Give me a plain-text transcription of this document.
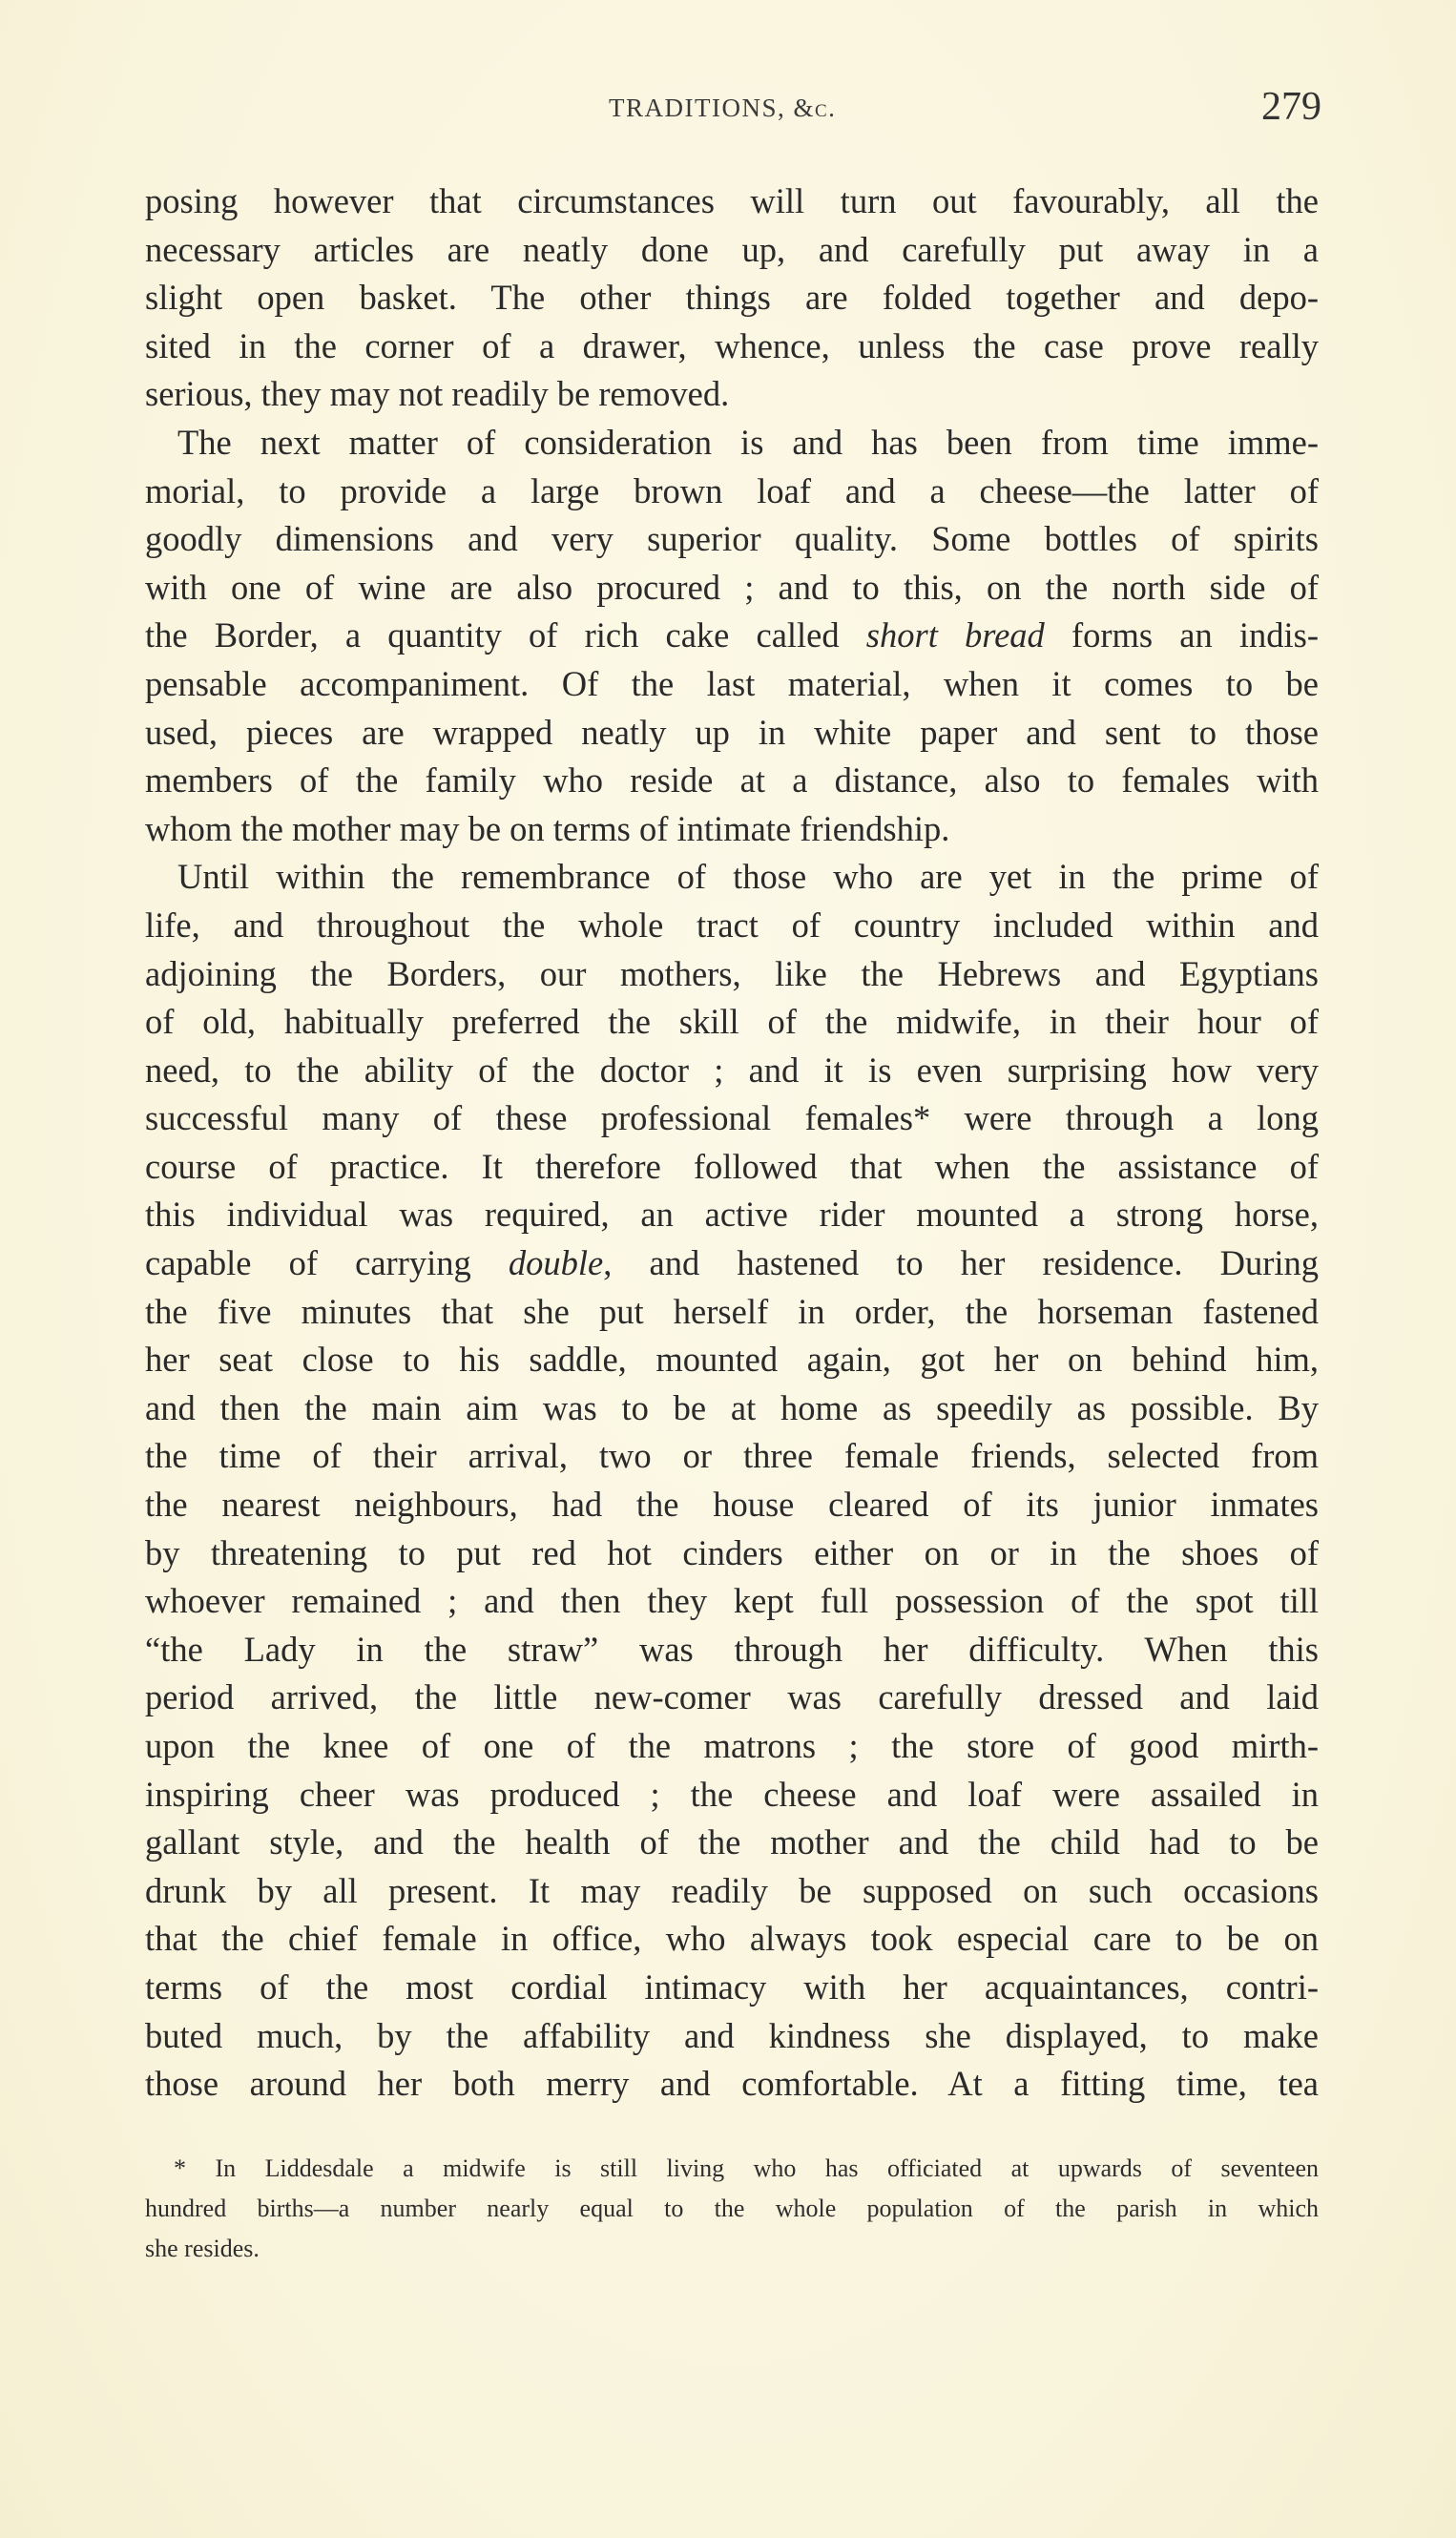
TRADITIONS, &c.	279
posing however that circumstances will turn out favourably, all the
necessary articles are neatly done up, and carefully put away in a
slight open basket. The other things are folded together and depo-
sited in the corner of a drawer, whence, unless the case prove really
serious, they may not readily be removed.
The next matter of consideration is and has been from time imme-
morial, to provide a large brown loaf and a cheese—the latter of
goodly dimensions and very superior quality. Some bottles of spirits
with one of wine are also procured ; and to this, on the north side of
the Border, a quantity of rich cake called short bread forms an indis-
pensable accompaniment. Of the last material, when it comes to be
used, pieces are wrapped neatly up in white paper and sent to those
members of the family who reside at a distance, also to females with
whom the mother may be on terms of intimate friendship.
Until within the remembrance of those who are yet in the prime of
life, and throughout the whole tract of country included within and
adjoining the Borders, our mothers, like the Hebrews and Egyptians
of old, habitually preferred the skill of the midwife, in their hour of
need, to the ability of the doctor ; and it is even surprising how very
successful many of these professional females* were through a long
course of practice. It therefore followed that when the assistance of
this individual was required, an active rider mounted a strong horse,
capable of carrying double, and hastened to her residence. During
the five minutes that she put herself in order, the horseman fastened
her seat close to his saddle, mounted again, got her on behind him,
and then the main aim was to be at home as speedily as possible. By
the time of their arrival, two or three female friends, selected from
the nearest neighbours, had the house cleared of its junior inmates
by threatening to put red hot cinders either on or in the shoes of
whoever remained ; and then they kept full possession of the spot till
“the Lady in the straw” was through her difficulty. When this
period arrived, the little new-comer was carefully dressed and laid
upon the knee of one of the matrons ; the store of good mirth-
inspiring cheer was produced ; the cheese and loaf were assailed in
gallant style, and the health of the mother and the child had to be
drunk by all present. It may readily be supposed on such occasions
that the chief female in office, who always took especial care to be on
terms of the most cordial intimacy with her acquaintances, contri-
buted much, by the affability and kindness she displayed, to make
those around her both merry and comfortable. At a fitting time, tea
* In Liddesdale a midwife is still living who has officiated at upwards of seventeen
hundred births—a number nearly equal to the whole population of the parish in which
she resides.
